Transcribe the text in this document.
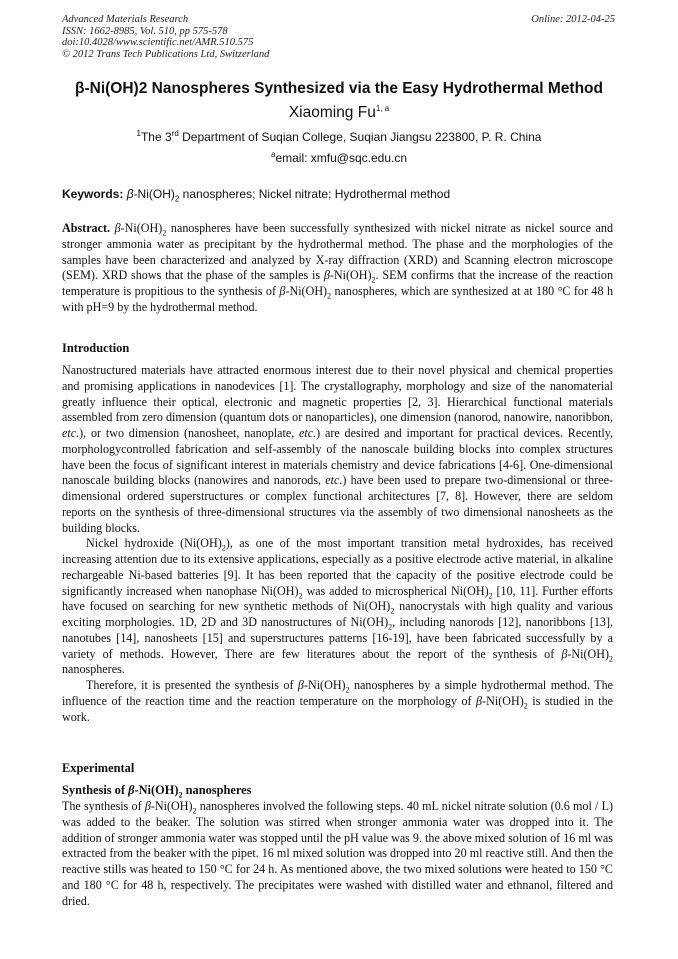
Advanced Materials Research
ISSN: 1662-8985, Vol. 510, pp 575-578
doi:10.4028/www.scientific.net/AMR.510.575
© 2012 Trans Tech Publications Ltd, Switzerland
Online: 2012-04-25
β-Ni(OH)2 Nanospheres Synthesized via the Easy Hydrothermal Method
Xiaoming Fu$^{1, a}$
$^1$The 3rd Department of Suqian College, Suqian Jiangsu 223800, P. R. China
$^a$email: xmfu@sqc.edu.cn
Keywords: $\beta-Ni(OH)_2$ nanospheres; Nickel nitrate; Hydrothermal method

Abstract. $\beta-Ni(OH)_2$ nanospheres have been successfully synthesized with nickel nitrate as nickel source and stronger ammonia water as precipitant by the hydrothermal method. The phase and the morphologies of the samples have been characterized and analyzed by X-ray diffraction (XRD) and Scanning electron microscope (SEM). XRD shows that the phase of the samples is $\beta-Ni(OH)_2$. SEM confirms that the increase of the reaction temperature is propitious to the synthesis of $\beta-Ni(OH)_2$ nanospheres, which are synthesized at at 180 °C for 48 h with pH=9 by the hydrothermal method.

Introduction

Nanostructured materials have attracted enormous interest due to their novel physical and chemical properties and promising applications in nanodevices [1]. The crystallography, morphology and size of the nanomaterial greatly influence their optical, electronic and magnetic properties [2, 3]. Hierarchical functional materials assembled from zero dimension (quantum dots or nanoparticles), one dimension (nanorod, nanowire, nanoribbon, etc.), or two dimension (nanosheet, nanoplate, etc.) are desired and important for practical devices. Recently, morphologycontrolled fabrication and self-assembly of the nanoscale building blocks into complex structures have been the focus of significant interest in materials chemistry and device fabrications [4-6]. One-dimensional nanoscale building blocks (nanowires and nanorods, etc.) have been used to prepare two-dimensional or three-dimensional ordered superstructures or complex functional architectures [7, 8]. However, there are seldom reports on the synthesis of three-dimensional structures via the assembly of two dimensional nanosheets as the building blocks.

Nickel hydroxide $(Ni(OH)_2)$, as one of the most important transition metal hydroxides, has received increasing attention due to its extensive applications, especially as a positive electrode active material, in alkaline rechargeable Ni-based batteries [9]. It has been reported that the capacity of the positive electrode could be significantly increased when nanophase $Ni(OH)_2$ was added to microspherical $Ni(OH)_2$ [10, 11]. Further efforts have focused on searching for new synthetic methods of $Ni(OH)_2$ nanocrystals with high quality and various exciting morphologies. 1D, 2D and 3D nanostructures of $Ni(OH)_2$, including nanorods [12], nanoribbons [13], nanotubes [14], nanosheets [15] and superstructures patterns [16-19], have been fabricated successfully by a variety of methods. However, There are few literatures about the report of the synthesis of $\beta-Ni(OH)_2$ nanospheres.

Therefore, it is presented the synthesis of $\beta-Ni(OH)_2$ nanospheres by a simple hydrothermal method. The influence of the reaction time and the reaction temperature on the morphology of $\beta-Ni(OH)_2$ is studied in the work.

Experimental
Synthesis of $\beta-Ni(OH)_2$ nanospheres

The synthesis of $\beta-Ni(OH)_2$ nanospheres involved the following steps. 40 mL nickel nitrate solution (0.6 mol / L) was added to the beaker. The solution was stirred when stronger ammonia water was dropped into it. The addition of stronger ammonia water was stopped until the pH value was 9. the above mixed solution of 16 ml was extracted from the beaker with the pipet. 16 ml mixed solution was dropped into 20 ml reactive still. And then the reactive stills was heated to 150 °C for 24 h. As mentioned above, the two mixed solutions were heated to 150 °C and 180 °C for 48 h, respectively. The precipitates were washed with distilled water and ethnanol, filtered and dried.
